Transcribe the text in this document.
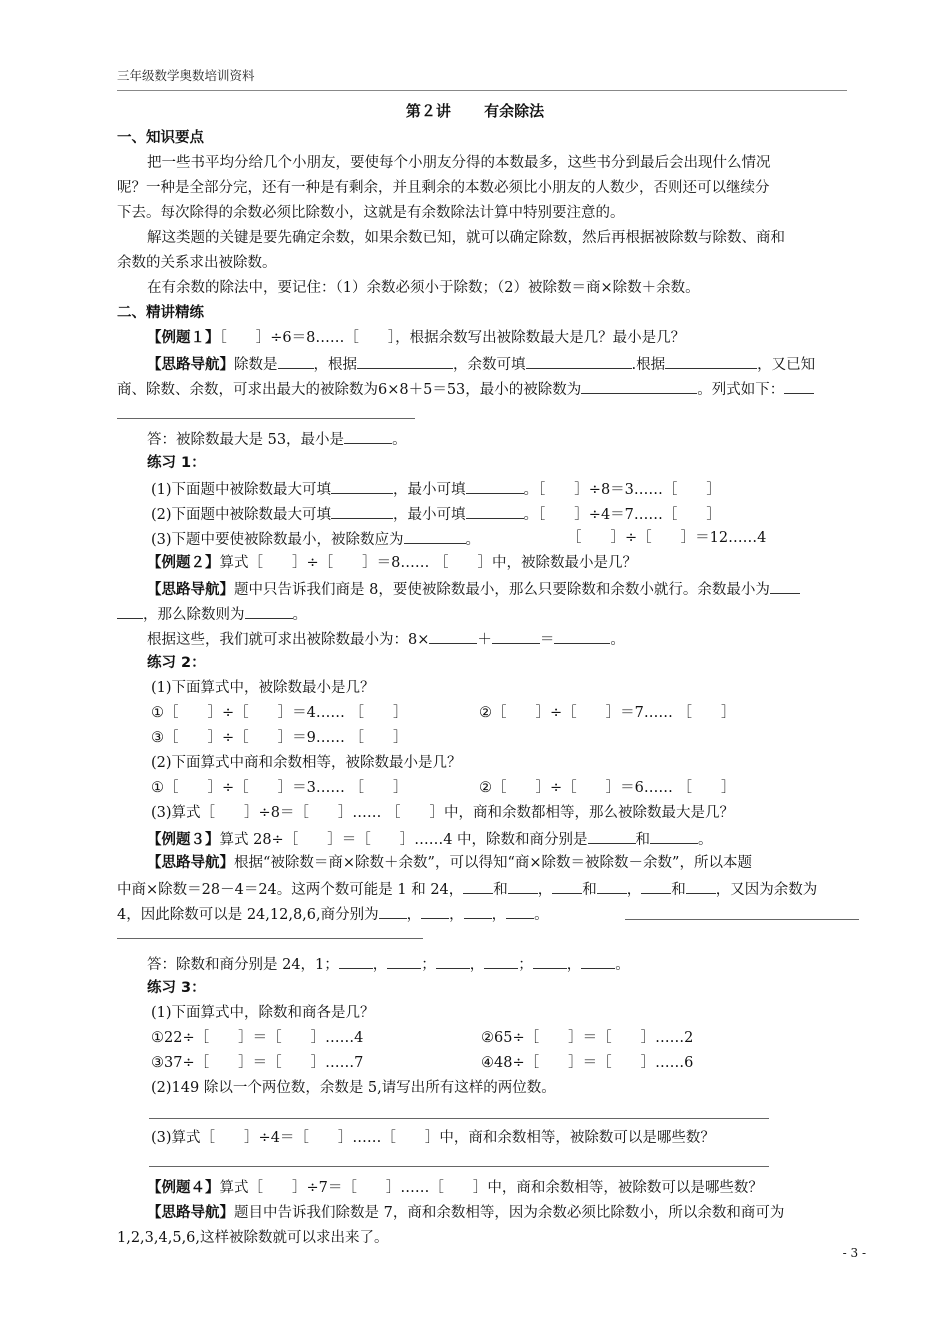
三年级数学奥数培训资料
第２讲 有余除法
一、知识要点
把一些书平均分给几个小朋友，要使每个小朋友分得的本数最多，这些书分到最后会出现什么情况
呢？一种是全部分完，还有一种是有剩余，并且剩余的本数必须比小朋友的人数少，否则还可以继续分
下去。每次除得的余数必须比除数小，这就是有余数除法计算中特别要注意的。
解这类题的关键是要先确定余数，如果余数已知，就可以确定除数，然后再根据被除数与除数、商和
余数的关系求出被除数。
在有余数的除法中，要记住：（1）余数必须小于除数；（2）被除数＝商×除数＋余数。
二、精讲精练
【例题１】［　　］÷6＝8……［　　］，根据余数写出被除数最大是几？最小是几？
【思路导航】除数是 ，根据	，余数可填	.根据	，又已知
商、除数、余数，可求出最大的被除数为6×8＋5＝53，最小的被除数为	。列式如下：
答：被除数最大是 53，最小是	。
练习 1：
(1)下面题中被除数最大可填	，最小可填	。［　　］÷8＝3……［　　］
(2)下面题中被除数最大可填	，最小可填	。［　　］÷4＝7……［　　］
(3)下题中要使被除数最小，被除数应为	。	［　　］÷［　　］＝12……4
【例题２】算式［　　］÷［　　］＝8…… ［　　］中，被除数最小是几？
【思路导航】题中只告诉我们商是 8，要使被除数最小，那么只要除数和余数小就行。余数最小为
，那么除数则为	。
根据这些，我们就可求出被除数最小为：8×	＋	＝	。
练习 2：
(1)下面算式中，被除数最小是几？
①［　　］÷［　　］＝4…… ［　　］	②［　　］÷［　　］＝7…… ［　　］
③［　　］÷［　　］＝9…… ［　　］
(2)下面算式中商和余数相等，被除数最小是几？
①［　　］÷［　　］＝3…… ［　　］	②［　　］÷［　　］＝6…… ［　　］
(3)算式［　　］÷8＝［　　］…… ［　　］中，商和余数都相等，那么被除数最大是几？
【例题３】算式 28÷［　　］＝［　　］……4 中，除数和商分别是	和	。
【思路导航】根据“被除数＝商×除数＋余数”，可以得知“商×除数＝被除数－余数”，所以本题
中商×除数＝28－4＝24。这两个数可能是 1 和 24， 和 ， 和 ， 和 ，又因为余数为
4，因此除数可以是 24,12,8,6,商分别为 ， ， ， 。
答：除数和商分别是 24，1； ， ； ， ； ， 。
练习 3：
(1)下面算式中，除数和商各是几？
①22÷［　　］＝［　　］……4	②65÷［　　］＝［　　］……2
③37÷［　　］＝［　　］……7	④48÷［　　］＝［　　］……6
(2)149 除以一个两位数，余数是 5,请写出所有这样的两位数。
(3)算式［　　］÷4＝［　　］……［　　］中，商和余数相等，被除数可以是哪些数？
【例题４】算式［　　］÷7＝［　　］……［　　］中，商和余数相等，被除数可以是哪些数？
【思路导航】题目中告诉我们除数是 7，商和余数相等，因为余数必须比除数小，所以余数和商可为
1,2,3,4,5,6,这样被除数就可以求出来了。
- 3 -
